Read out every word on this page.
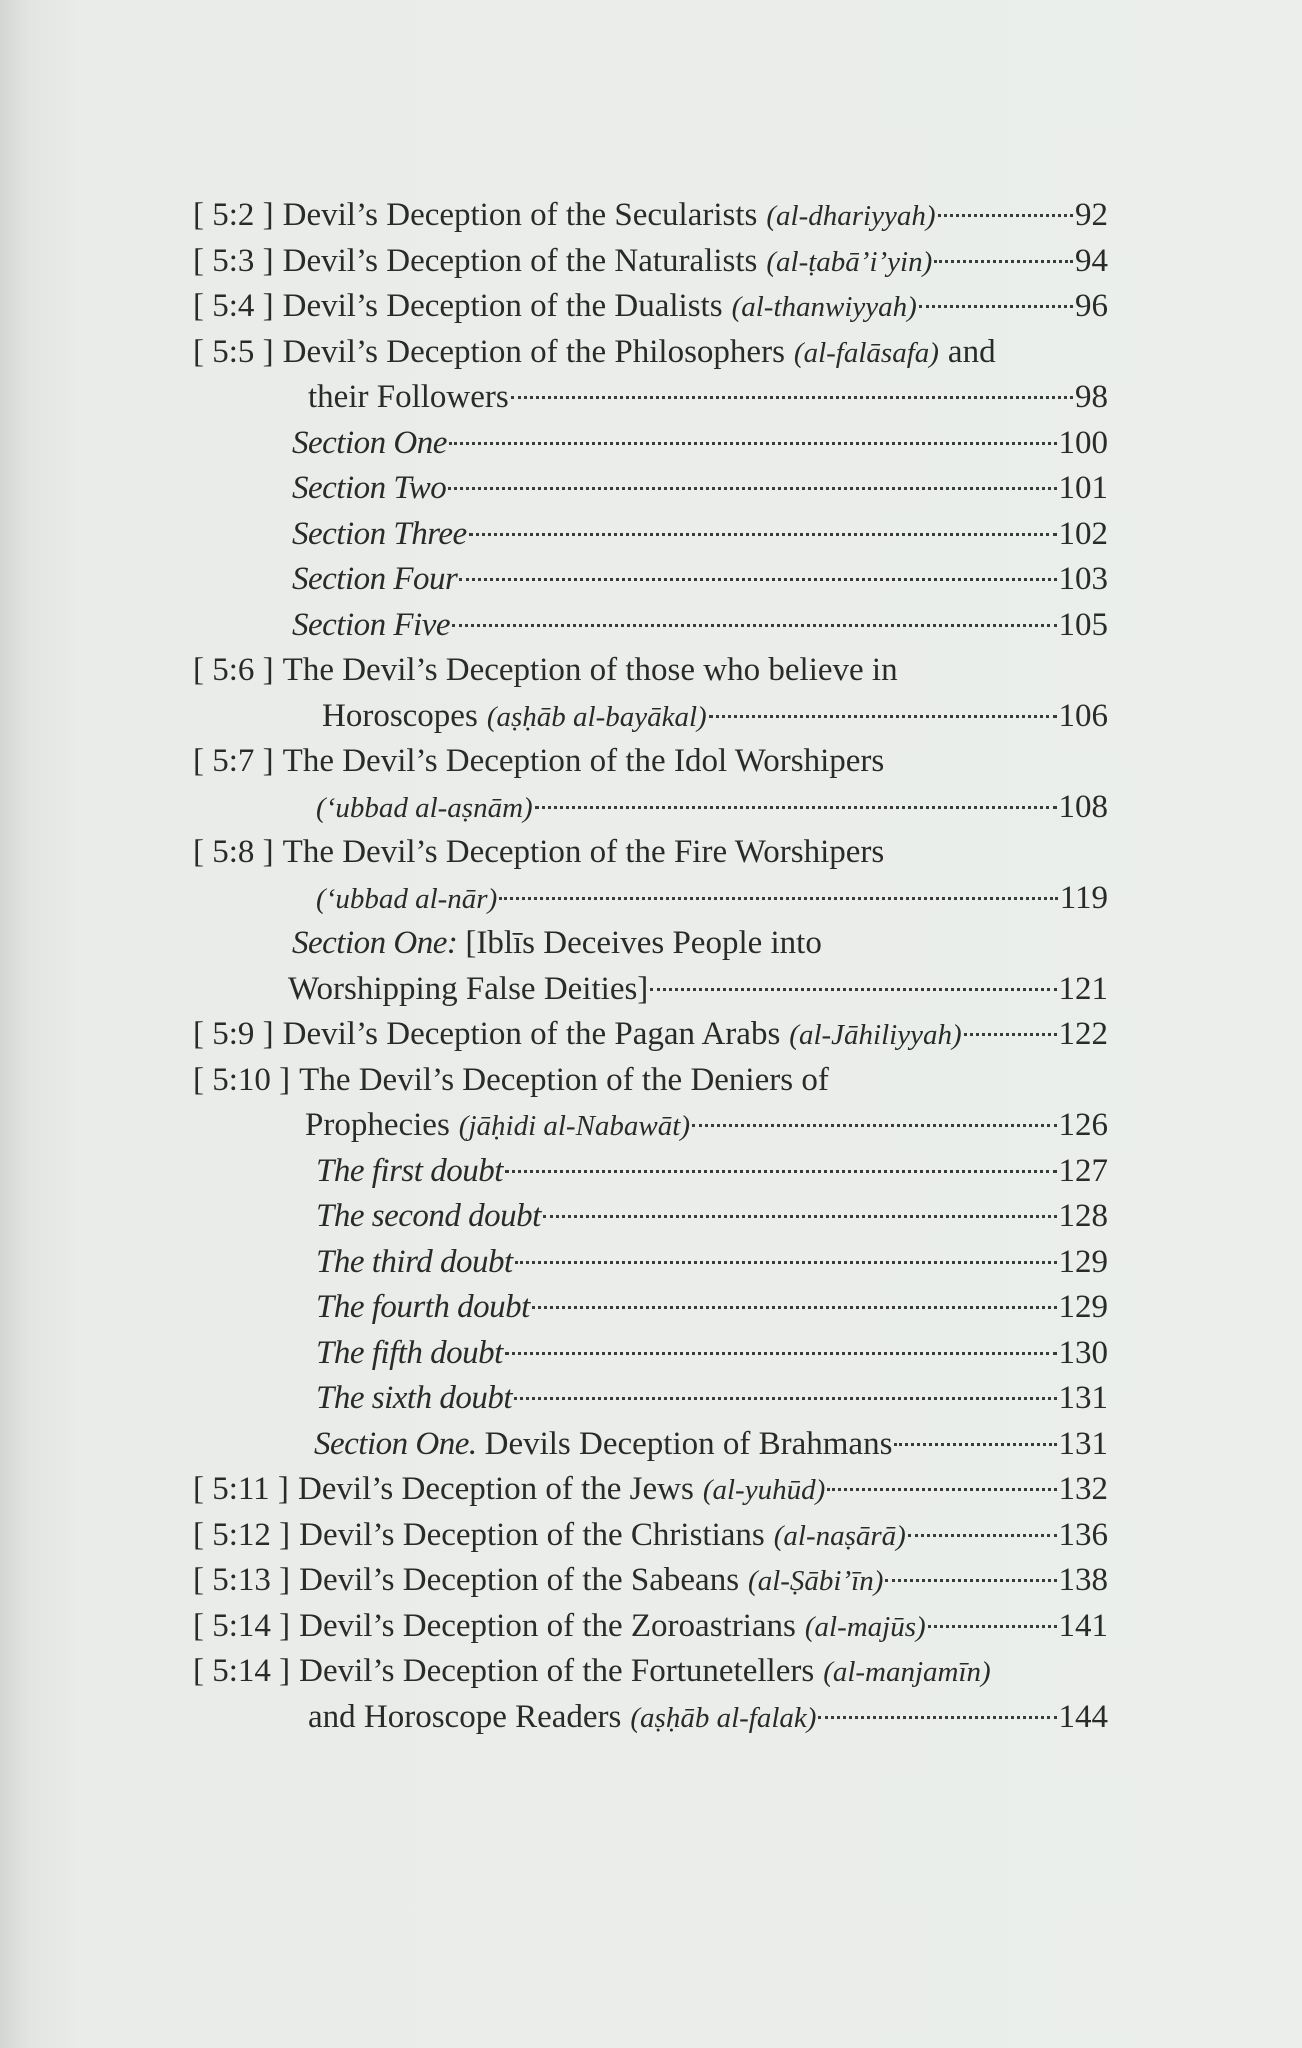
[ 5:2 ] Devil’s Deception of the Secularists (al-dhariyyah)	92
[ 5:3 ] Devil’s Deception of the Naturalists (al-ṭabā’i’yin)	94
[ 5:4 ] Devil’s Deception of the Dualists (al-thanwiyyah)	96
[ 5:5 ] Devil’s Deception of the Philosophers (al-falāsafa) and
their Followers	98
Section One	100
Section Two	101
Section Three	102
Section Four	103
Section Five	105
[ 5:6 ] The Devil’s Deception of those who believe in
Horoscopes (aṣḥāb al-bayākal)	106
[ 5:7 ] The Devil’s Deception of the Idol Worshipers
(‘ubbad al-aṣnām)	108
[ 5:8 ] The Devil’s Deception of the Fire Worshipers
(‘ubbad al-nār)	119
Section One: [Iblīs Deceives People into
Worshipping False Deities]	121
[ 5:9 ] Devil’s Deception of the Pagan Arabs (al-Jāhiliyyah)	122
[ 5:10 ] The Devil’s Deception of the Deniers of
Prophecies (jāḥidi al-Nabawāt)	126
The first doubt	127
The second doubt	128
The third doubt	129
The fourth doubt	129
The fifth doubt	130
The sixth doubt	131
Section One. Devils Deception of Brahmans	131
[ 5:11 ] Devil’s Deception of the Jews (al-yuhūd)	132
[ 5:12 ] Devil’s Deception of the Christians (al-naṣārā)	136
[ 5:13 ] Devil’s Deception of the Sabeans (al-Ṣābi’īn)	138
[ 5:14 ] Devil’s Deception of the Zoroastrians (al-majūs)	141
[ 5:14 ] Devil’s Deception of the Fortunetellers (al-manjamīn)
and Horoscope Readers (aṣḥāb al-falak)	144
